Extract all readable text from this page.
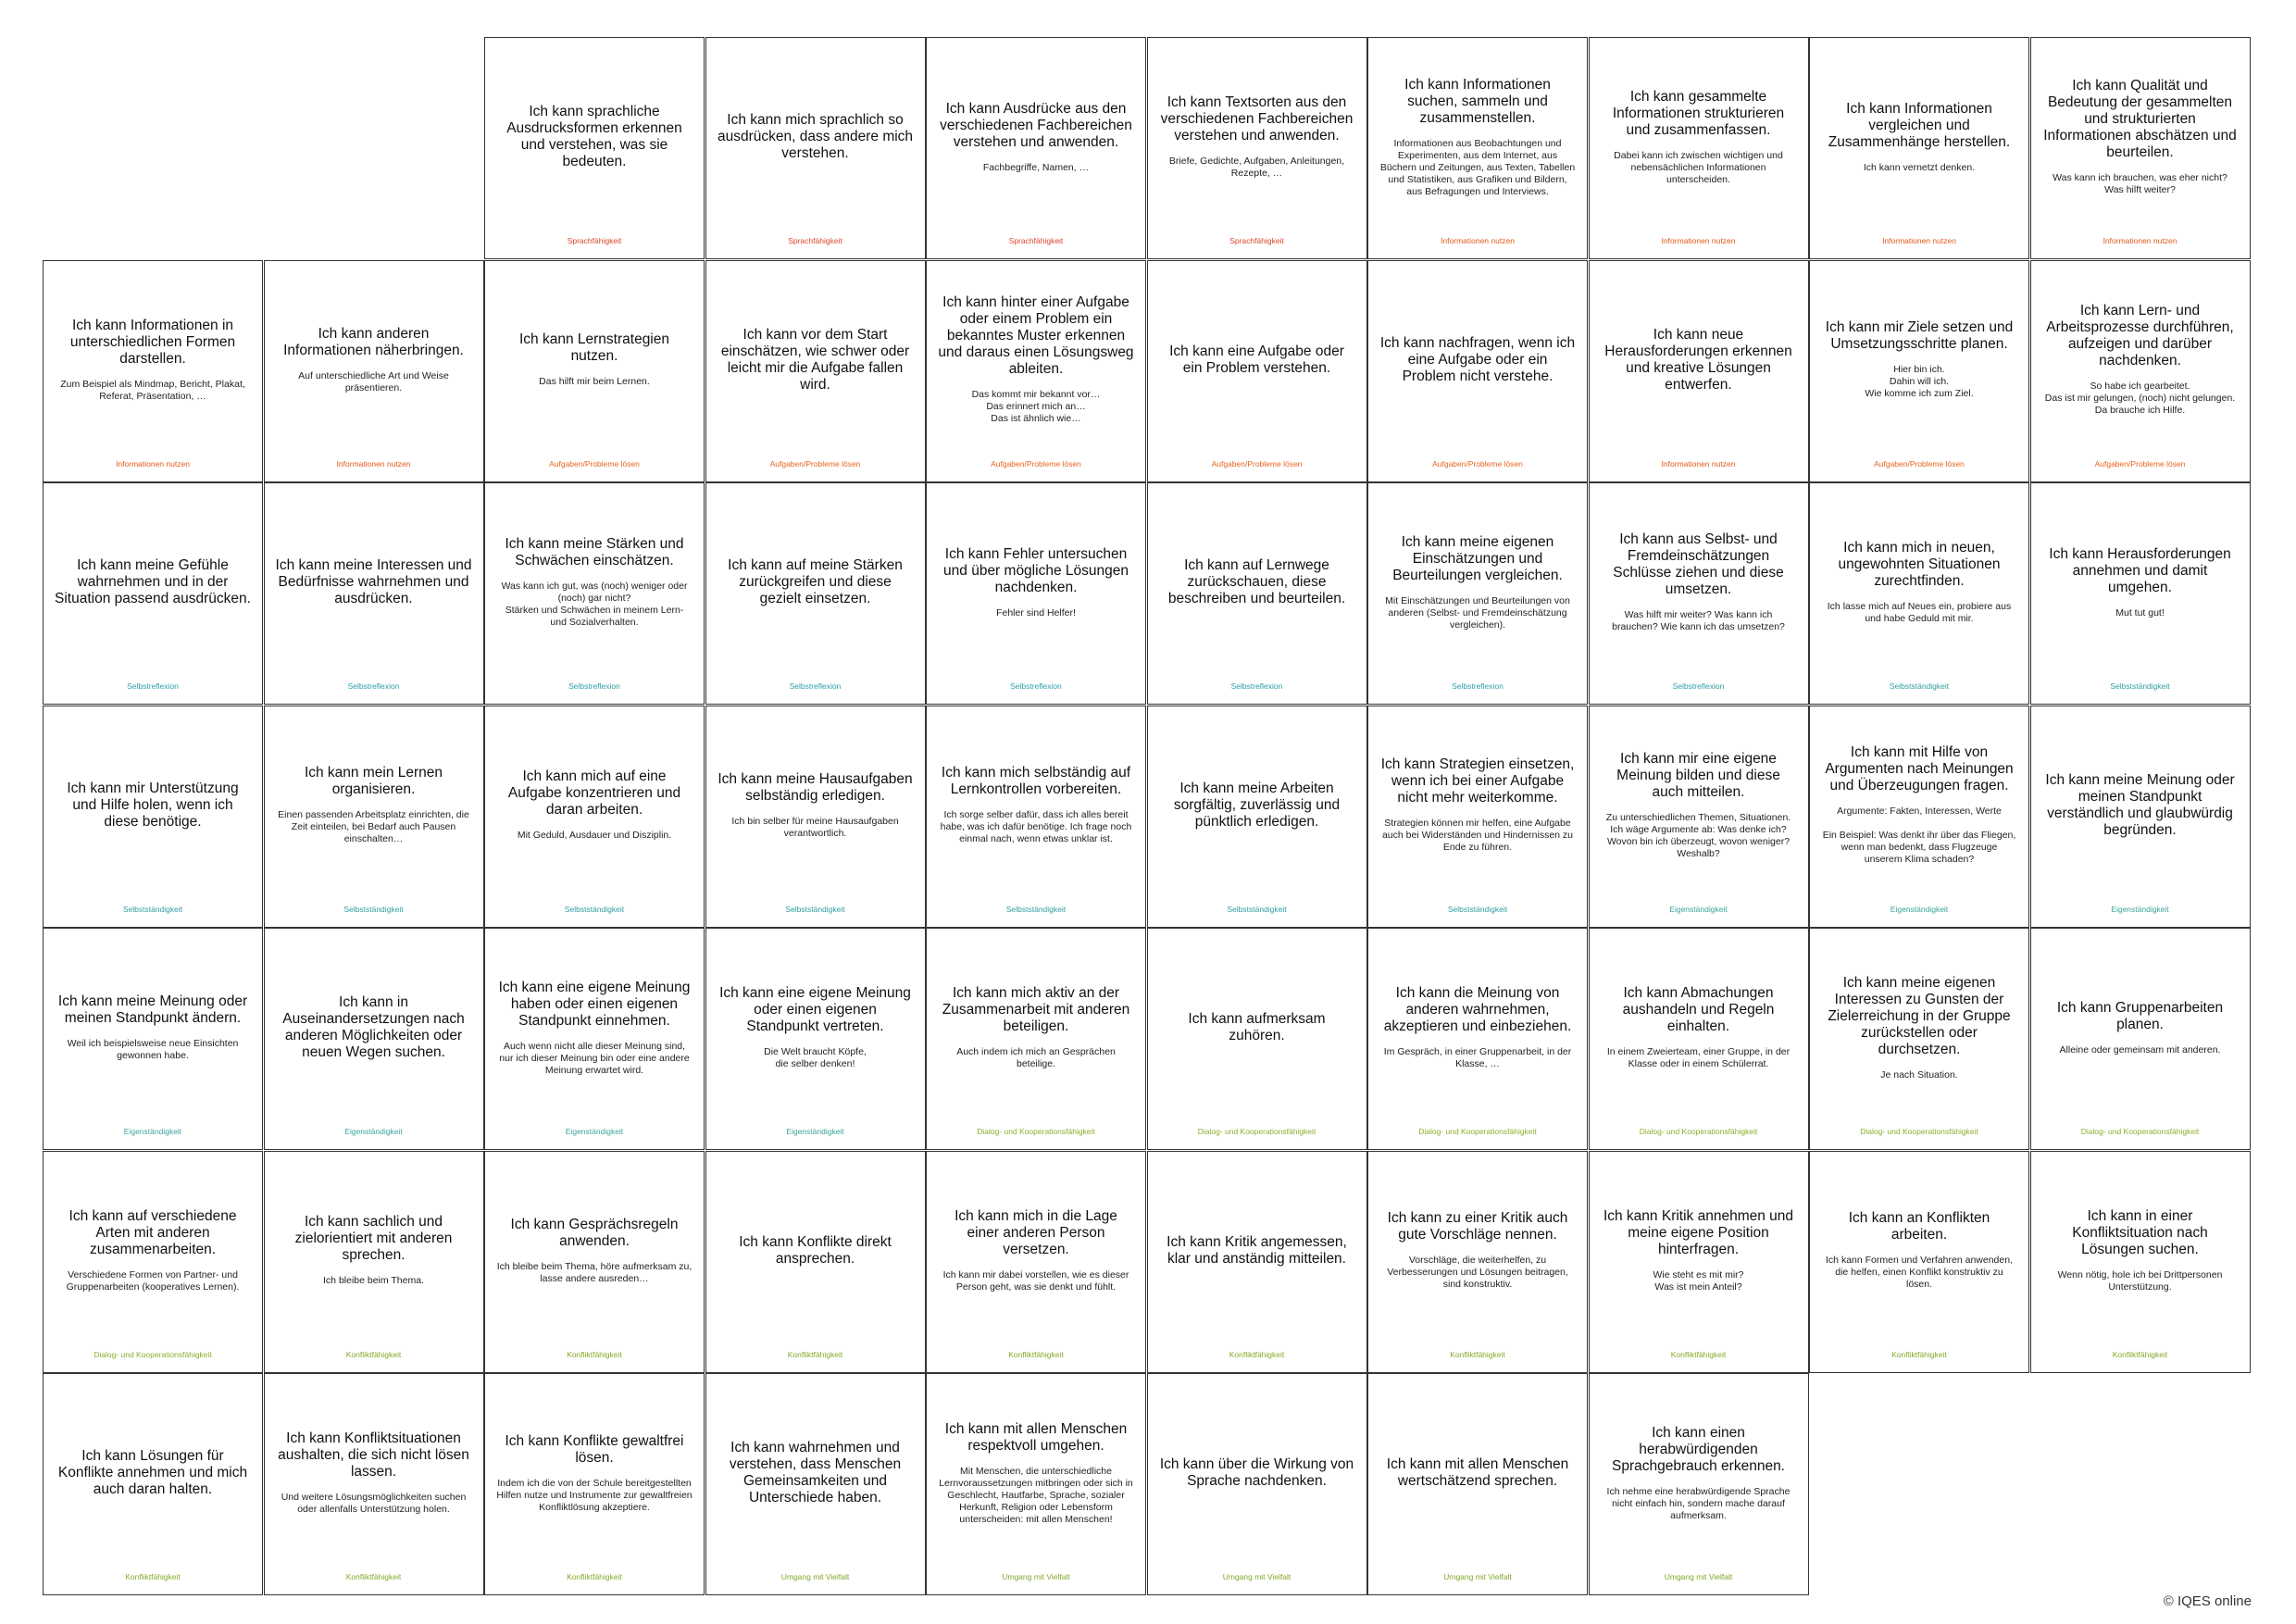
Ich kann sprachliche Ausdrucksformen erkennen und verstehen, was sie bedeuten.
Sprachfähigkeit
Ich kann mich sprachlich so ausdrücken, dass andere mich verstehen.
Sprachfähigkeit
Ich kann Ausdrücke aus den verschiedenen Fachbereichen verstehen und anwenden.
Fachbegriffe, Namen, …
Sprachfähigkeit
Ich kann Textsorten aus den verschiedenen Fachbereichen verstehen und anwenden.
Briefe, Gedichte, Aufgaben, Anleitungen, Rezepte, …
Sprachfähigkeit
Ich kann Informationen suchen, sammeln und zusammenstellen.
Informationen aus Beobachtungen und Experimenten, aus dem Internet, aus Büchern und Zeitungen, aus Texten, Tabellen und Statistiken, aus Grafiken und Bildern, aus Befragungen und Interviews.
Informationen nutzen
Ich kann gesammelte Informationen strukturieren und zusammenfassen.
Dabei kann ich zwischen wichtigen und nebensächlichen Informationen unterscheiden.
Informationen nutzen
Ich kann Informationen vergleichen und Zusammenhänge herstellen.
Ich kann vernetzt denken.
Informationen nutzen
Ich kann Qualität und Bedeutung der gesammelten und strukturierten Informationen abschätzen und beurteilen.
Was kann ich brauchen, was eher nicht? Was hilft weiter?
Informationen nutzen
Ich kann Informationen in unterschiedlichen Formen darstellen.
Zum Beispiel als Mindmap, Bericht, Plakat, Referat, Präsentation, …
Informationen nutzen
Ich kann anderen Informationen näherbringen.
Auf unterschiedliche Art und Weise präsentieren.
Informationen nutzen
Ich kann Lernstrategien nutzen.
Das hilft mir beim Lernen.
Aufgaben/Probleme lösen
Ich kann vor dem Start einschätzen, wie schwer oder leicht mir die Aufgabe fallen wird.
Aufgaben/Probleme lösen
Ich kann hinter einer Aufgabe oder einem Problem ein bekanntes Muster erkennen und daraus einen Lösungsweg ableiten.
Das kommt mir bekannt vor…
Das erinnert mich an…
Das ist ähnlich wie…
Aufgaben/Probleme lösen
Ich kann eine Aufgabe oder ein Problem verstehen.
Aufgaben/Probleme lösen
Ich kann nachfragen, wenn ich eine Aufgabe oder ein Problem nicht verstehe.
Aufgaben/Probleme lösen
Ich kann neue Herausforderungen erkennen und kreative Lösungen entwerfen.
Informationen nutzen
Ich kann mir Ziele setzen und Umsetzungsschritte planen.
Hier bin ich.
Dahin will ich.
Wie komme ich zum Ziel.
Aufgaben/Probleme lösen
Ich kann Lern- und Arbeitsprozesse durchführen, aufzeigen und darüber nachdenken.
So habe ich gearbeitet.
Das ist mir gelungen, (noch) nicht gelungen.
Da brauche ich Hilfe.
Aufgaben/Probleme lösen
Ich kann meine Gefühle wahrnehmen und in der Situation passend ausdrücken.
Selbstreflexion
Ich kann meine Interessen und Bedürfnisse wahrnehmen und ausdrücken.
Selbstreflexion
Ich kann meine Stärken und Schwächen einschätzen.
Was kann ich gut, was (noch) weniger oder (noch) gar nicht?
Stärken und Schwächen in meinem Lern- und Sozialverhalten.
Selbstreflexion
Ich kann auf meine Stärken zurückgreifen und diese gezielt einsetzen.
Selbstreflexion
Ich kann Fehler untersuchen und über mögliche Lösungen nachdenken.
Fehler sind Helfer!
Selbstreflexion
Ich kann auf Lernwege zurückschauen, diese beschreiben und beurteilen.
Selbstreflexion
Ich kann meine eigenen Einschätzungen und Beurteilungen vergleichen.
Mit Einschätzungen und Beurteilungen von anderen (Selbst- und Fremdeinschätzung vergleichen).
Selbstreflexion
Ich kann aus Selbst- und Fremdeinschätzungen Schlüsse ziehen und diese umsetzen.
Was hilft mir weiter? Was kann ich brauchen? Wie kann ich das umsetzen?
Selbstreflexion
Ich kann mich in neuen, ungewohnten Situationen zurechtfinden.
Ich lasse mich auf Neues ein, probiere aus und habe Geduld mit mir.
Selbstständigkeit
Ich kann Herausforderungen annehmen und damit umgehen.
Mut tut gut!
Selbstständigkeit
Ich kann mir Unterstützung und Hilfe holen, wenn ich diese benötige.
Selbstständigkeit
Ich kann mein Lernen organisieren.
Einen passenden Arbeitsplatz einrichten, die Zeit einteilen, bei Bedarf auch Pausen einschalten…
Selbstständigkeit
Ich kann mich auf eine Aufgabe konzentrieren und daran arbeiten.
Mit Geduld, Ausdauer und Disziplin.
Selbstständigkeit
Ich kann meine Hausaufgaben selbständig erledigen.
Ich bin selber für meine Hausaufgaben verantwortlich.
Selbstständigkeit
Ich kann mich selbständig auf Lernkontrollen vorbereiten.
Ich sorge selber dafür, dass ich alles bereit habe, was ich dafür benötige. Ich frage noch einmal nach, wenn etwas unklar ist.
Selbstständigkeit
Ich kann meine Arbeiten sorgfältig, zuverlässig und pünktlich erledigen.
Selbstständigkeit
Ich kann Strategien einsetzen, wenn ich bei einer Aufgabe nicht mehr weiterkomme.
Strategien können mir helfen, eine Aufgabe auch bei Widerständen und Hindernissen zu Ende zu führen.
Selbstständigkeit
Ich kann mir eine eigene Meinung bilden und diese auch mitteilen.
Zu unterschiedlichen Themen, Situationen. Ich wäge Argumente ab: Was denke ich? Wovon bin ich überzeugt, wovon weniger? Weshalb?
Eigenständigkeit
Ich kann mit Hilfe von Argumenten nach Meinungen und Überzeugungen fragen.
Argumente: Fakten, Interessen, Werte

Ein Beispiel: Was denkt ihr über das Fliegen, wenn man bedenkt, dass Flugzeuge unserem Klima schaden?
Eigenständigkeit
Ich kann meine Meinung oder meinen Standpunkt verständlich und glaubwürdig begründen.
Eigenständigkeit
Ich kann meine Meinung oder meinen Standpunkt ändern.
Weil ich beispielsweise neue Einsichten gewonnen habe.
Eigenständigkeit
Ich kann in Auseinandersetzungen nach anderen Möglichkeiten oder neuen Wegen suchen.
Eigenständigkeit
Ich kann eine eigene Meinung haben oder einen eigenen Standpunkt einnehmen.
Auch wenn nicht alle dieser Meinung sind, nur ich dieser Meinung bin oder eine andere Meinung erwartet wird.
Eigenständigkeit
Ich kann eine eigene Meinung oder einen eigenen Standpunkt vertreten.
Die Welt braucht Köpfe,
die selber denken!
Eigenständigkeit
Ich kann mich aktiv an der Zusammenarbeit mit anderen beteiligen.
Auch indem ich mich an Gesprächen beteilige.
Dialog- und Kooperationsfähigkeit
Ich kann aufmerksam zuhören.
Dialog- und Kooperationsfähigkeit
Ich kann die Meinung von anderen wahrnehmen, akzeptieren und einbeziehen.
Im Gespräch, in einer Gruppenarbeit, in der Klasse, …
Dialog- und Kooperationsfähigkeit
Ich kann Abmachungen aushandeln und Regeln einhalten.
In einem Zweierteam, einer Gruppe, in der Klasse oder in einem Schülerrat.
Dialog- und Kooperationsfähigkeit
Ich kann meine eigenen Interessen zu Gunsten der Zielerreichung in der Gruppe zurückstellen oder durchsetzen.
Je nach Situation.
Dialog- und Kooperationsfähigkeit
Ich kann Gruppenarbeiten planen.
Alleine oder gemeinsam mit anderen.
Dialog- und Kooperationsfähigkeit
Ich kann auf verschiedene Arten mit anderen zusammenarbeiten.
Verschiedene Formen von Partner- und Gruppenarbeiten (kooperatives Lernen).
Dialog- und Kooperationsfähigkeit
Ich kann sachlich und zielorientiert mit anderen sprechen.
Ich bleibe beim Thema.
Konfliktfähigkeit
Ich kann Gesprächsregeln anwenden.
Ich bleibe beim Thema, höre aufmerksam zu, lasse andere ausreden…
Konfliktfähigkeit
Ich kann Konflikte direkt ansprechen.
Konfliktfähigkeit
Ich kann mich in die Lage einer anderen Person versetzen.
Ich kann mir dabei vorstellen, wie es dieser Person geht, was sie denkt und fühlt.
Konfliktfähigkeit
Ich kann Kritik angemessen, klar und anständig mitteilen.
Konfliktfähigkeit
Ich kann zu einer Kritik auch gute Vorschläge nennen.
Vorschläge, die weiterhelfen, zu Verbesserungen und Lösungen beitragen, sind konstruktiv.
Konfliktfähigkeit
Ich kann Kritik annehmen und meine eigene Position hinterfragen.
Wie steht es mit mir?
Was ist mein Anteil?
Konfliktfähigkeit
Ich kann an Konflikten arbeiten.
Ich kann Formen und Verfahren anwenden, die helfen, einen Konflikt konstruktiv zu lösen.
Konfliktfähigkeit
Ich kann in einer Konfliktsituation nach Lösungen suchen.
Wenn nötig, hole ich bei Drittpersonen Unterstützung.
Konfliktfähigkeit
Ich kann Lösungen für Konflikte annehmen und mich auch daran halten.
Konfliktfähigkeit
Ich kann Konfliktsituationen aushalten, die sich nicht lösen lassen.
Und weitere Lösungsmöglichkeiten suchen oder allenfalls Unterstützung holen.
Konfliktfähigkeit
Ich kann Konflikte gewaltfrei lösen.
Indem ich die von der Schule bereitgestellten Hilfen nutze und Instrumente zur gewaltfreien Konfliktlösung akzeptiere.
Konfliktfähigkeit
Ich kann wahrnehmen und verstehen, dass Menschen Gemeinsamkeiten und Unterschiede haben.
Umgang mit Vielfalt
Ich kann mit allen Menschen respektvoll umgehen.
Mit Menschen, die unterschiedliche Lernvoraussetzungen mitbringen oder sich in Geschlecht, Hautfarbe, Sprache, sozialer Herkunft, Religion oder Lebensform unterscheiden: mit allen Menschen!
Umgang mit Vielfalt
Ich kann über die Wirkung von Sprache nachdenken.
Umgang mit Vielfalt
Ich kann mit allen Menschen wertschätzend sprechen.
Umgang mit Vielfalt
Ich kann einen herabwürdigenden Sprachgebrauch erkennen.
Ich nehme eine herabwürdigende Sprache nicht einfach hin, sondern mache darauf aufmerksam.
Umgang mit Vielfalt
© IQES online
